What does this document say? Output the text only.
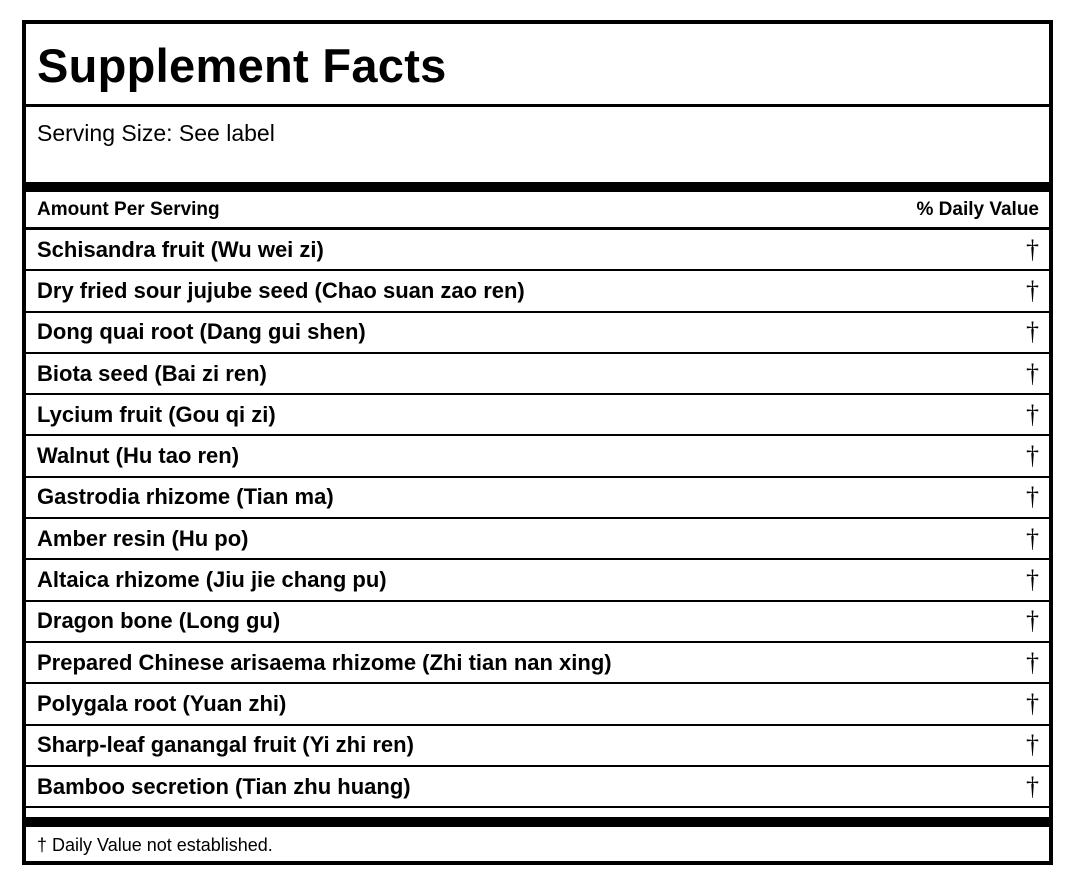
Supplement Facts
Serving Size: See label
Amount Per Serving	% Daily Value
Schisandra fruit (Wu wei zi)	†
Dry fried sour jujube seed (Chao suan zao ren)	†
Dong quai root (Dang gui shen)	†
Biota seed (Bai zi ren)	†
Lycium fruit (Gou qi zi)	†
Walnut (Hu tao ren)	†
Gastrodia rhizome (Tian ma)	†
Amber resin (Hu po)	†
Altaica rhizome (Jiu jie chang pu)	†
Dragon bone (Long gu)	†
Prepared Chinese arisaema rhizome (Zhi tian nan xing)	†
Polygala root (Yuan zhi)	†
Sharp-leaf ganangal fruit (Yi zhi ren)	†
Bamboo secretion (Tian zhu huang)	†
† Daily Value not established.
